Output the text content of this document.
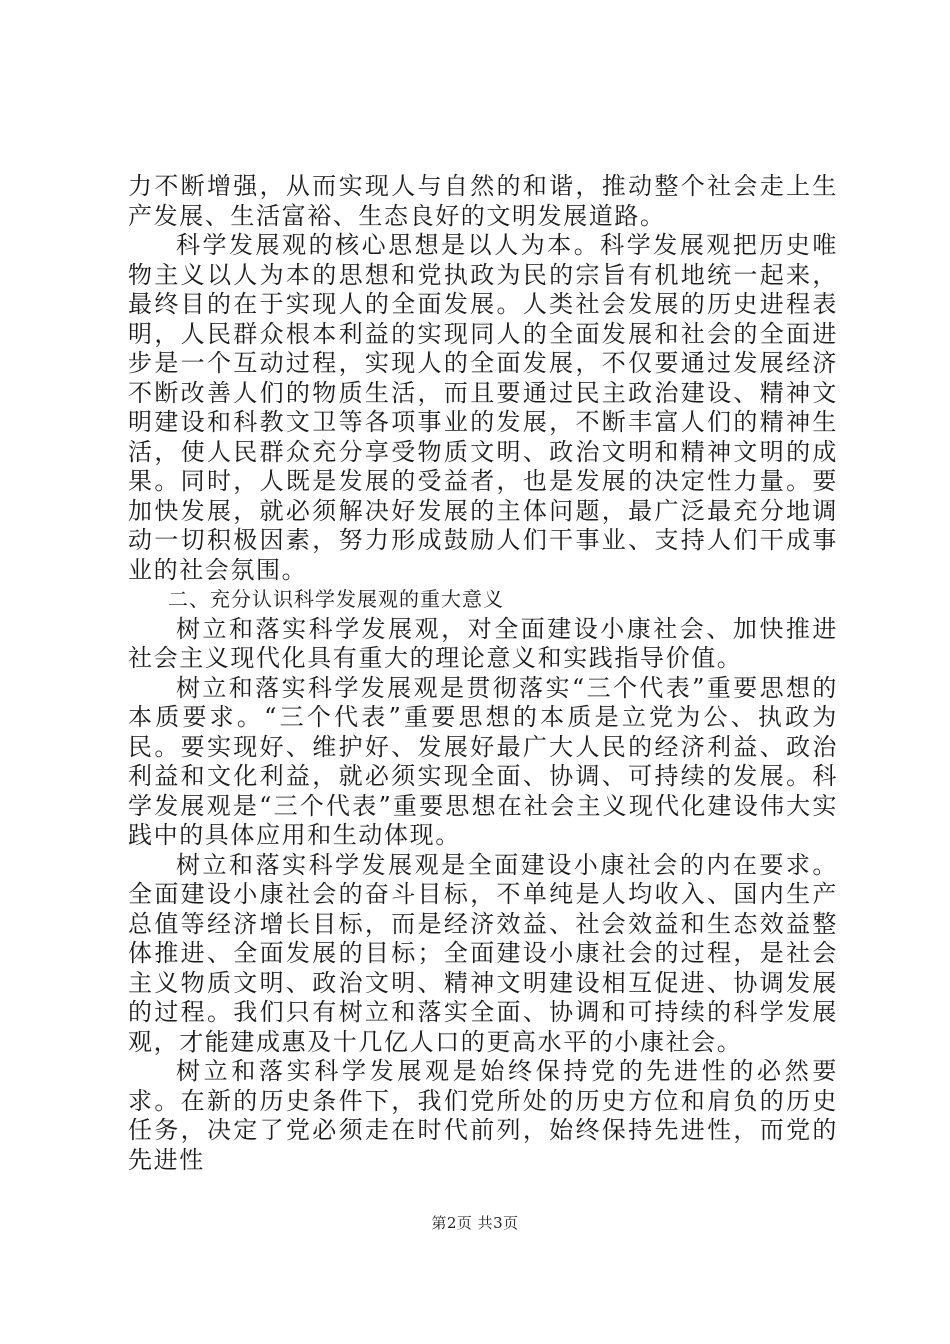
力不断增强，从而实现人与自然的和谐，推动整个社会走上生产发展、生活富裕、生态良好的文明发展道路。

科学发展观的核心思想是以人为本。科学发展观把历史唯物主义以人为本的思想和党执政为民的宗旨有机地统一起来，最终目的在于实现人的全面发展。人类社会发展的历史进程表明，人民群众根本利益的实现同人的全面发展和社会的全面进步是一个互动过程，实现人的全面发展，不仅要通过发展经济不断改善人们的物质生活，而且要通过民主政治建设、精神文明建设和科教文卫等各项事业的发展，不断丰富人们的精神生活，使人民群众充分享受物质文明、政治文明和精神文明的成果。同时，人既是发展的受益者，也是发展的决定性力量。要加快发展，就必须解决好发展的主体问题，最广泛最充分地调动一切积极因素，努力形成鼓励人们干事业、支持人们干成事业的社会氛围。

二、充分认识科学发展观的重大意义

树立和落实科学发展观，对全面建设小康社会、加快推进社会主义现代化具有重大的理论意义和实践指导价值。

树立和落实科学发展观是贯彻落实“三个代表”重要思想的本质要求。“三个代表”重要思想的本质是立党为公、执政为民。要实现好、维护好、发展好最广大人民的经济利益、政治利益和文化利益，就必须实现全面、协调、可持续的发展。科学发展观是“三个代表”重要思想在社会主义现代化建设伟大实践中的具体应用和生动体现。

树立和落实科学发展观是全面建设小康社会的内在要求。全面建设小康社会的奋斗目标，不单纯是人均收入、国内生产总值等经济增长目标，而是经济效益、社会效益和生态效益整体推进、全面发展的目标；全面建设小康社会的过程，是社会主义物质文明、政治文明、精神文明建设相互促进、协调发展的过程。我们只有树立和落实全面、协调和可持续的科学发展观，才能建成惠及十几亿人口的更高水平的小康社会。

树立和落实科学发展观是始终保持党的先进性的必然要求。在新的历史条件下，我们党所处的历史方位和肩负的历史任务，决定了党必须走在时代前列，始终保持先进性，而党的先进性

第2页 共3页
